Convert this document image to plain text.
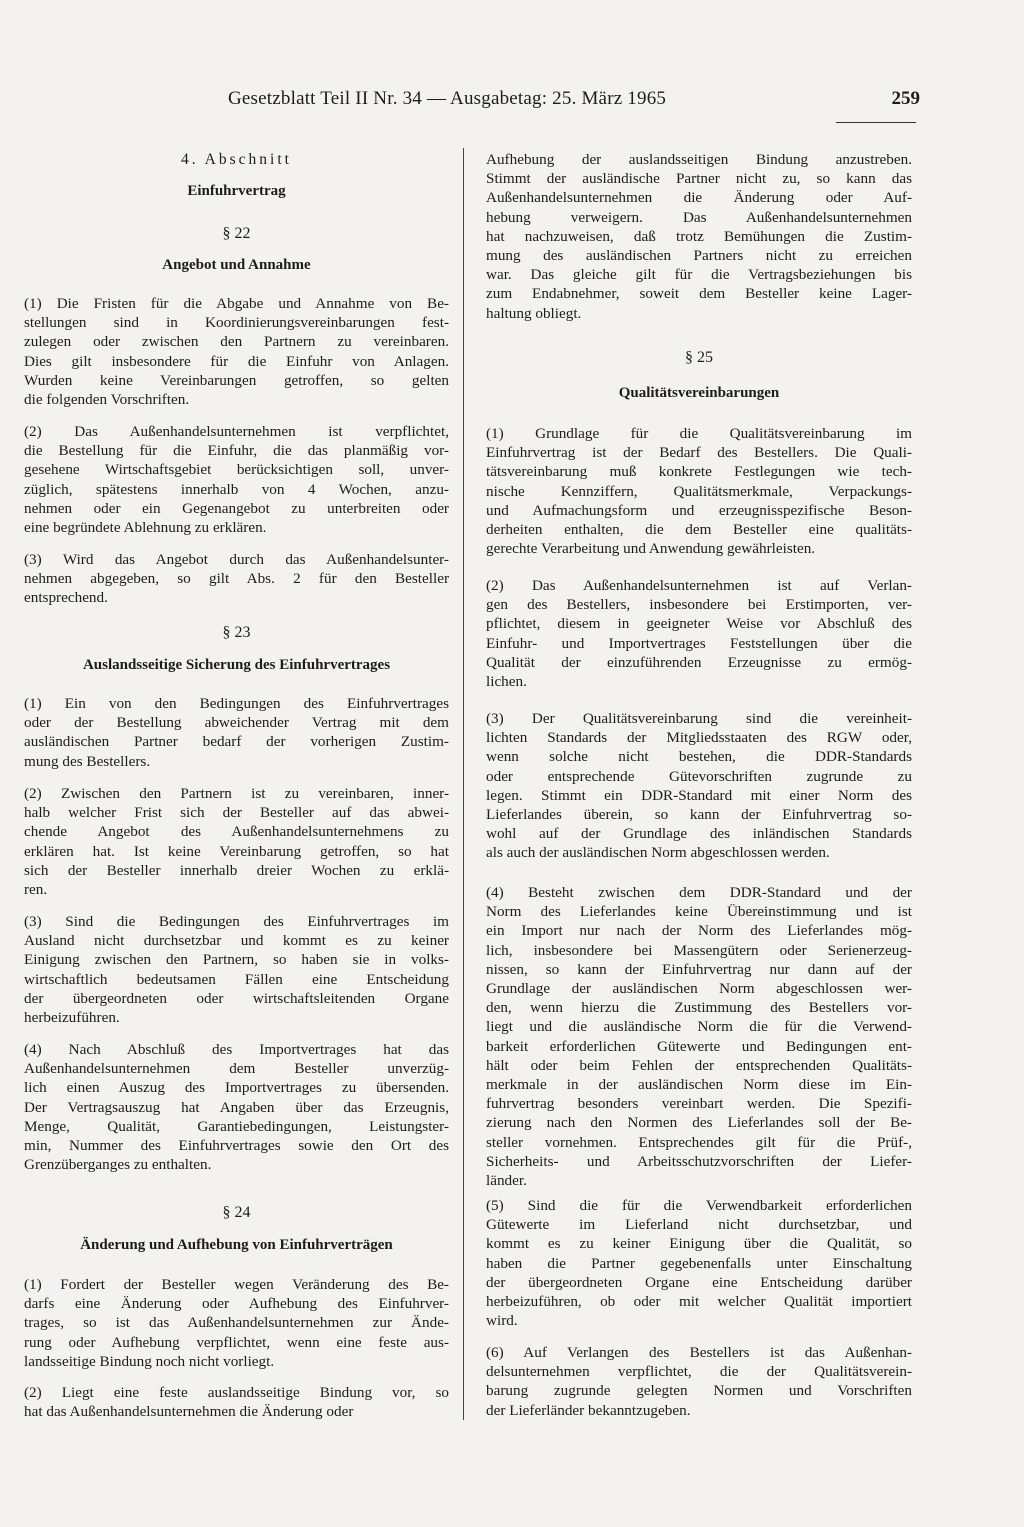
Gesetzblatt Teil II Nr. 34 — Ausgabetag: 25. März 1965	259
4. Abschnitt
Einfuhrvertrag
§ 22
Angebot und Annahme
(1) Die Fristen für die Abgabe und Annahme von Be-
stellungen sind in Koordinierungsvereinbarungen fest-
zulegen oder zwischen den Partnern zu vereinbaren.
Dies gilt insbesondere für die Einfuhr von Anlagen.
Wurden keine Vereinbarungen getroffen, so gelten
die folgenden Vorschriften.
(2) Das Außenhandelsunternehmen ist verpflichtet,
die Bestellung für die Einfuhr, die das planmäßig vor-
gesehene Wirtschaftsgebiet berücksichtigen soll, unver-
züglich, spätestens innerhalb von 4 Wochen, anzu-
nehmen oder ein Gegenangebot zu unterbreiten oder
eine begründete Ablehnung zu erklären.
(3) Wird das Angebot durch das Außenhandelsunter-
nehmen abgegeben, so gilt Abs. 2 für den Besteller
entsprechend.
§ 23
Auslandsseitige Sicherung des Einfuhrvertrages
(1) Ein von den Bedingungen des Einfuhrvertrages
oder der Bestellung abweichender Vertrag mit dem
ausländischen Partner bedarf der vorherigen Zustim-
mung des Bestellers.
(2) Zwischen den Partnern ist zu vereinbaren, inner-
halb welcher Frist sich der Besteller auf das abwei-
chende Angebot des Außenhandelsunternehmens zu
erklären hat. Ist keine Vereinbarung getroffen, so hat
sich der Besteller innerhalb dreier Wochen zu erklä-
ren.
(3) Sind die Bedingungen des Einfuhrvertrages im
Ausland nicht durchsetzbar und kommt es zu keiner
Einigung zwischen den Partnern, so haben sie in volks-
wirtschaftlich bedeutsamen Fällen eine Entscheidung
der übergeordneten oder wirtschaftsleitenden Organe
herbeizuführen.
(4) Nach Abschluß des Importvertrages hat das
Außenhandelsunternehmen dem Besteller unverzüg-
lich einen Auszug des Importvertrages zu übersenden.
Der Vertragsauszug hat Angaben über das Erzeugnis,
Menge, Qualität, Garantiebedingungen, Leistungster-
min, Nummer des Einfuhrvertrages sowie den Ort des
Grenzüberganges zu enthalten.
§ 24
Änderung und Aufhebung von Einfuhrverträgen
(1) Fordert der Besteller wegen Veränderung des Be-
darfs eine Änderung oder Aufhebung des Einfuhrver-
trages, so ist das Außenhandelsunternehmen zur Ände-
rung oder Aufhebung verpflichtet, wenn eine feste aus-
landsseitige Bindung noch nicht vorliegt.
(2) Liegt eine feste auslandsseitige Bindung vor, so
hat das Außenhandelsunternehmen die Änderung oder
Aufhebung der auslandsseitigen Bindung anzustreben.
Stimmt der ausländische Partner nicht zu, so kann das
Außenhandelsunternehmen die Änderung oder Auf-
hebung verweigern. Das Außenhandelsunternehmen
hat nachzuweisen, daß trotz Bemühungen die Zustim-
mung des ausländischen Partners nicht zu erreichen
war. Das gleiche gilt für die Vertragsbeziehungen bis
zum Endabnehmer, soweit dem Besteller keine Lager-
haltung obliegt.
§ 25
Qualitätsvereinbarungen
(1) Grundlage für die Qualitätsvereinbarung im
Einfuhrvertrag ist der Bedarf des Bestellers. Die Quali-
tätsvereinbarung muß konkrete Festlegungen wie tech-
nische Kennziffern, Qualitätsmerkmale, Verpackungs-
und Aufmachungsform und erzeugnisspezifische Beson-
derheiten enthalten, die dem Besteller eine qualitäts-
gerechte Verarbeitung und Anwendung gewährleisten.
(2) Das Außenhandelsunternehmen ist auf Verlan-
gen des Bestellers, insbesondere bei Erstimporten, ver-
pflichtet, diesem in geeigneter Weise vor Abschluß des
Einfuhr- und Importvertrages Feststellungen über die
Qualität der einzuführenden Erzeugnisse zu ermög-
lichen.
(3) Der Qualitätsvereinbarung sind die vereinheit-
lichten Standards der Mitgliedsstaaten des RGW oder,
wenn solche nicht bestehen, die DDR-Standards
oder entsprechende Gütevorschriften zugrunde zu
legen. Stimmt ein DDR-Standard mit einer Norm des
Lieferlandes überein, so kann der Einfuhrvertrag so-
wohl auf der Grundlage des inländischen Standards
als auch der ausländischen Norm abgeschlossen werden.
(4) Besteht zwischen dem DDR-Standard und der
Norm des Lieferlandes keine Übereinstimmung und ist
ein Import nur nach der Norm des Lieferlandes mög-
lich, insbesondere bei Massengütern oder Serienerzeug-
nissen, so kann der Einfuhrvertrag nur dann auf der
Grundlage der ausländischen Norm abgeschlossen wer-
den, wenn hierzu die Zustimmung des Bestellers vor-
liegt und die ausländische Norm die für die Verwend-
barkeit erforderlichen Gütewerte und Bedingungen ent-
hält oder beim Fehlen der entsprechenden Qualitäts-
merkmale in der ausländischen Norm diese im Ein-
fuhrvertrag besonders vereinbart werden. Die Spezifi-
zierung nach den Normen des Lieferlandes soll der Be-
steller vornehmen. Entsprechendes gilt für die Prüf-,
Sicherheits- und Arbeitsschutzvorschriften der Liefer-
länder.
(5) Sind die für die Verwendbarkeit erforderlichen
Gütewerte im Lieferland nicht durchsetzbar, und
kommt es zu keiner Einigung über die Qualität, so
haben die Partner gegebenenfalls unter Einschaltung
der übergeordneten Organe eine Entscheidung darüber
herbeizuführen, ob oder mit welcher Qualität importiert
wird.
(6) Auf Verlangen des Bestellers ist das Außenhan-
delsunternehmen verpflichtet, die der Qualitätsverein-
barung zugrunde gelegten Normen und Vorschriften
der Lieferländer bekanntzugeben.
